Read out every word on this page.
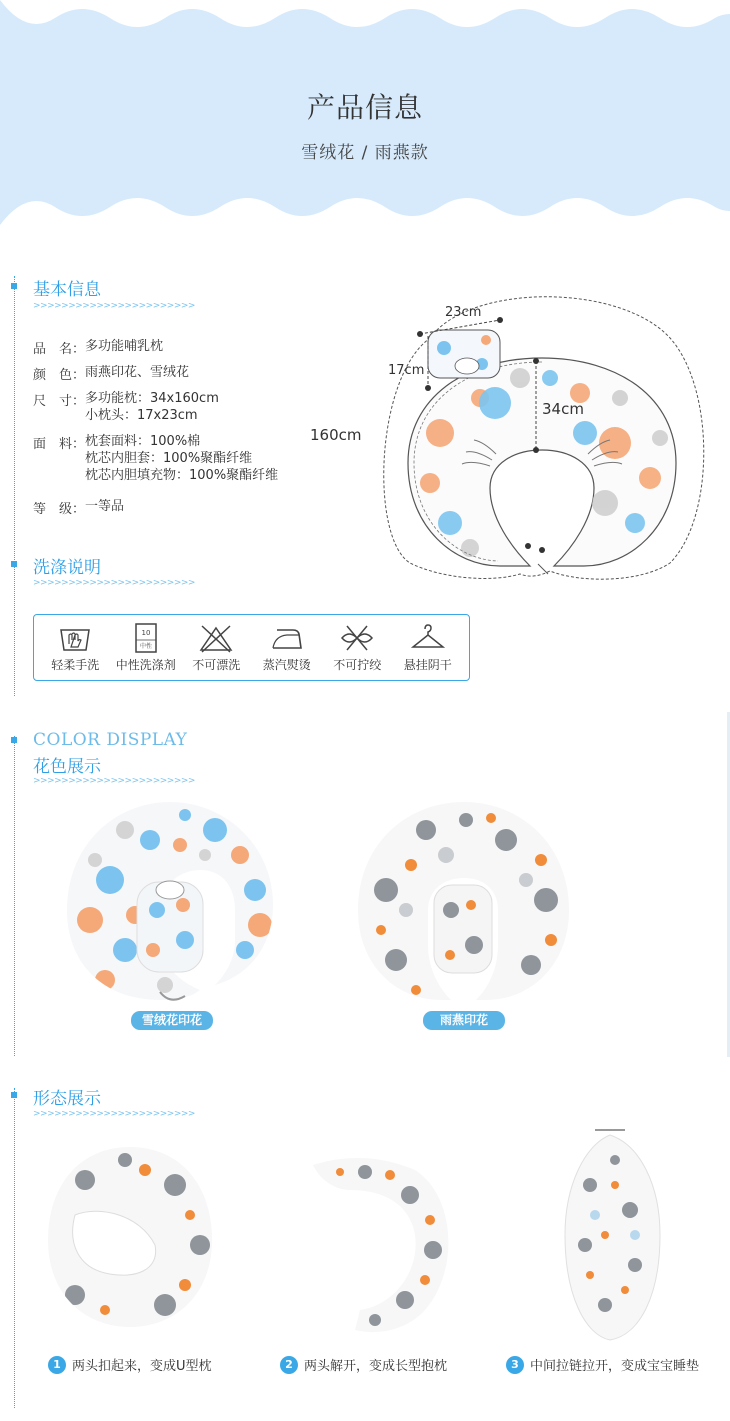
产品信息
雪绒花 / 雨燕款
基本信息
>>>>>>>>>>>>>>>>>>>>>>>
品　名： 多功能哺乳枕
颜　色： 雨燕印花、雪绒花
尺　寸： 多功能枕：34x160cm
小枕头：17x23cm
面　料： 枕套面料：100%棉
枕芯内胆套：100%聚酯纤维
枕芯内胆填充物：100%聚酯纤维
等　级： 一等品
23cm
17cm
34cm
160cm
洗涤说明
>>>>>>>>>>>>>>>>>>>>>>>
轻柔手洗
10
中性
中性洗涤剂 不可漂洗 蒸汽熨烫 不可拧绞 悬挂阴干
COLOR DISPLAY
花色展示
>>>>>>>>>>>>>>>>>>>>>>>
雪绒花印花	雨燕印花
形态展示
>>>>>>>>>>>>>>>>>>>>>>>
1 两头扣起来，变成U型枕	2 两头解开，变成长型抱枕	3 中间拉链拉开，变成宝宝睡垫
